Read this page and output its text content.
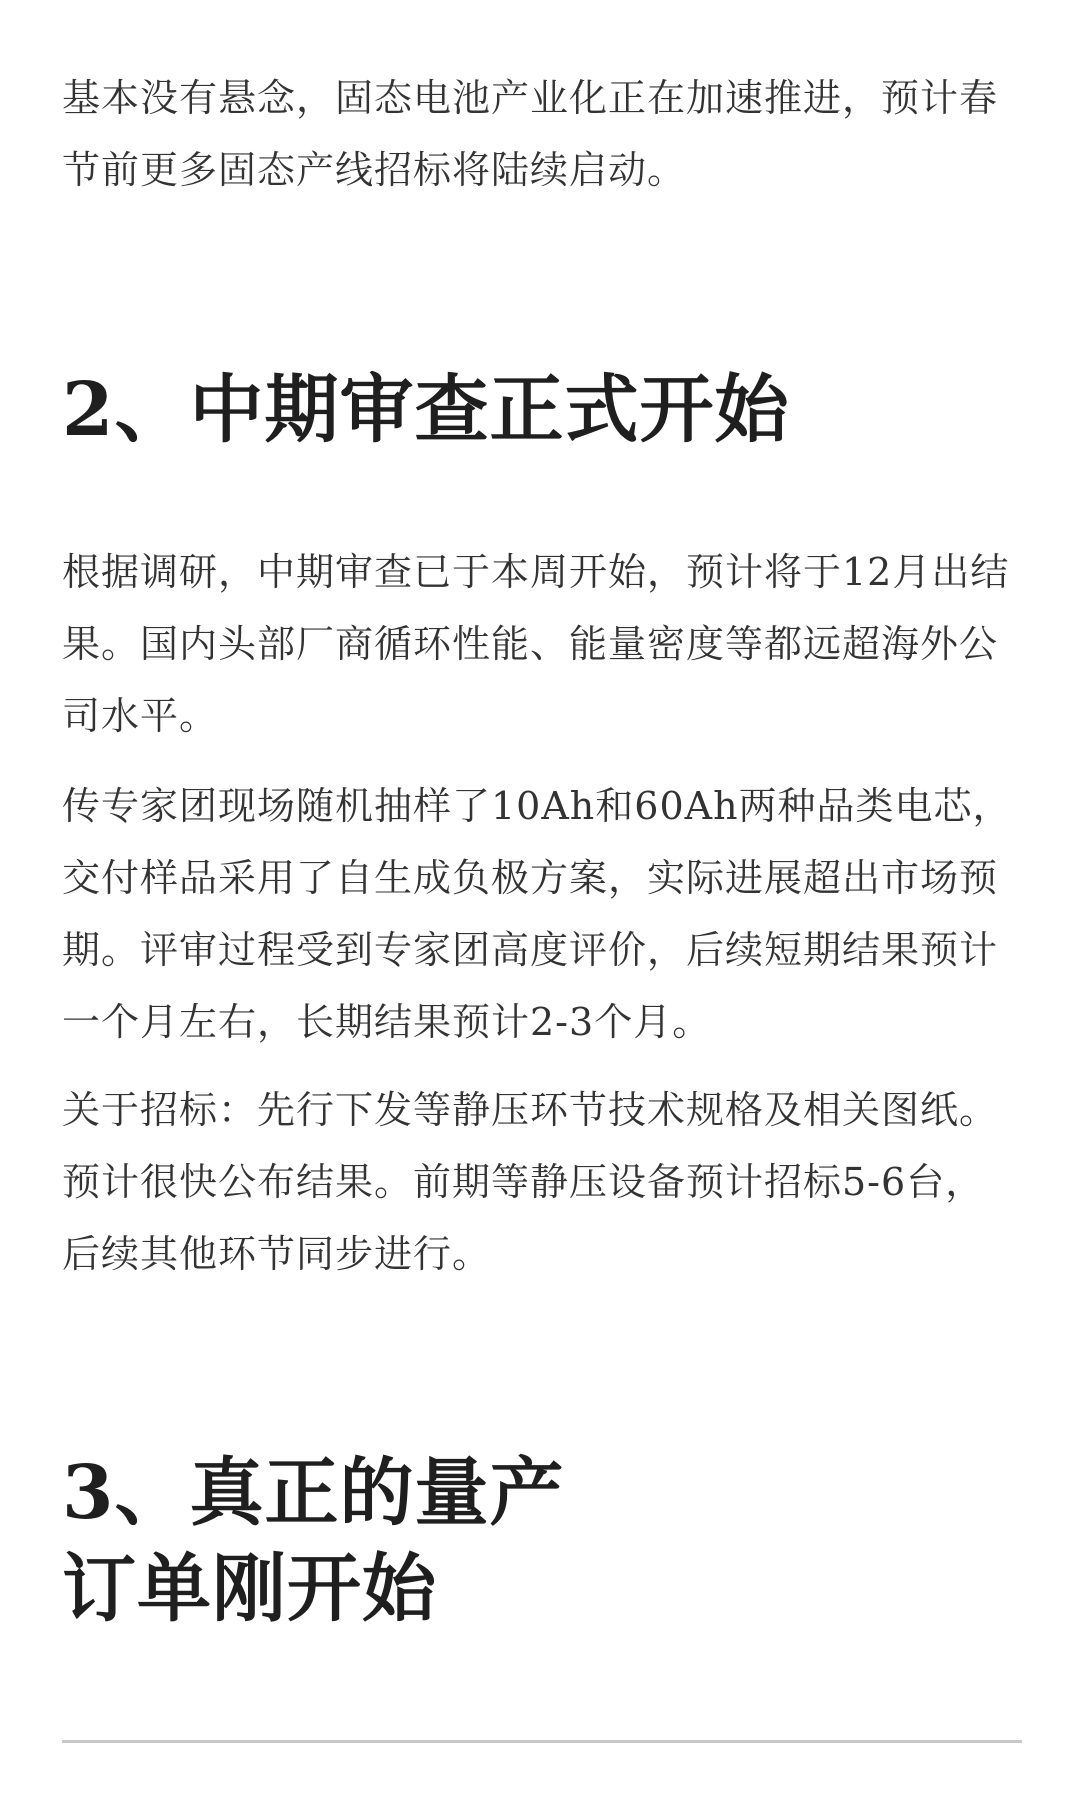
基本没有悬念，固态电池产业化正在加速推进，预计春节前更多固态产线招标将陆续启动。

2、中期审查正式开始

根据调研，中期审查已于本周开始，预计将于12月出结果。国内头部厂商循环性能、能量密度等都远超海外公司水平。

传专家团现场随机抽样了10Ah和60Ah两种品类电芯，交付样品采用了自生成负极方案，实际进展超出市场预期。评审过程受到专家团高度评价，后续短期结果预计一个月左右，长期结果预计2-3个月。

关于招标：先行下发等静压环节技术规格及相关图纸。预计很快公布结果。前期等静压设备预计招标5-6台，后续其他环节同步进行。

3、真正的量产
订单刚开始
